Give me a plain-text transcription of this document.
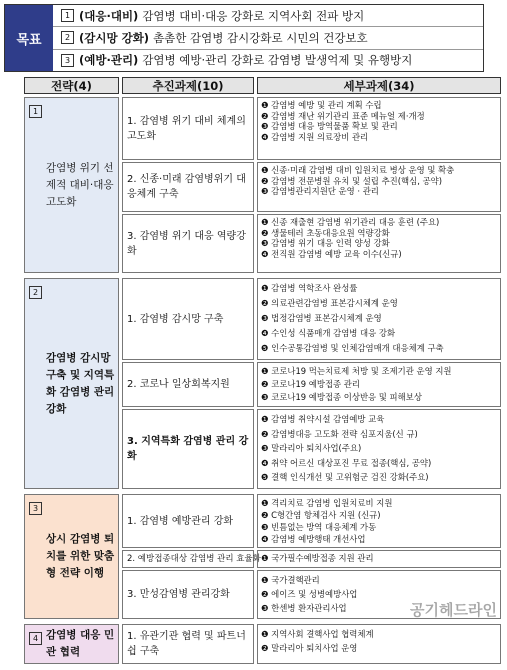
목표
1 (대응·대비) 감염병 대비·대응 강화로 지역사회 전파 방지
2 (감시망 강화) 촘촘한 감염병 감시강화로 시민의 건강보호
3 (예방·관리) 감염병 예방·관리 강화로 감염병 발생억제 및 유행방지
전략(4)	추진과제(10)	세부과제(34)
1
감염병 위기 선제적 대비·대응 고도화
2
감염병 감시망 구축 및 지역특화 감염병 관리 강화
3
상시 감염병 퇴치를 위한 맞춤형 전략 이행
4 감염병 대응 민관 협력
1. 감염병 위기 대비 체계의 고도화
2. 신종·미래 감염병위기 대응체계 구축
3. 감염병 위기 대응 역량강화
1. 감염병 감시망 구축
2. 코로나 일상회복지원
3. 지역특화 감염병 관리 강화
1. 감염병 예방관리 강화
2. 예방접종대상 감염병 관리 효율화
3. 만성감염병 관리강화
1. 유관기관 협력 및 파트너쉽 구축
❶ 감염병 예방 및 관리 계획 수립
❷ 감염병 재난 위기관리 표준 메뉴얼 제·개정
❸ 감염병 대응 방역물품 확보 및 관리
❹ 감염병 지원 의료장비 관리
❶ 신종·미래 감염병 대비 입원치료 병상 운영 및 확충
❷ 감염병 전문병원 유치 및 설립 추진(핵심, 공약)
❸ 감염병관리지원단 운영 · 관리
❶ 신종 재출현 감염병 위기관리 대응 훈련 (주요)
❷ 생물테러 초동대응요원 역량강화
❸ 감염병 위기 대응 인력 양성 강화
❹ 전직원 감염병 예방 교육 이수(신규)
❶ 감염병 역학조사 완성률
❷ 의료관련감염병 표본감시체계 운영
❸ 법정감염병 표본감시체계 운영
❹ 수인성 식품매개 감염병 대응 강화
❺ 인수공통감염병 및 인체감염매개 대응체계 구축
❶ 코로나19 먹는치료제 처방 및 조제기관 운영 지원
❷ 코로나19 예방접종 관리
❸ 코로나19 예방접종 이상반응 및 피해보상
❶ 감염병 취약시설 감염예방 교육
❷ 감염병대응 고도화 전략 심포지움(신 규)
❸ 말라리아 퇴치사업(주요)
❹ 취약 어르신 대상포진 무료 접종(핵심, 공약)
❺ 결핵 인식개선 및 고위험군 검진 강화(주요)
❶ 격리치료 감염병 입원치료비 지원
❷ C형간염 항체검사 지원 (신규)
❸ 빈틈없는 방역 대응체계 가동
❹ 감염병 예방행태 개선사업
❶ 국가필수예방접종 지원 관리
❶ 국가결핵관리
❷ 에이즈 및 성병예방사업
❸ 한센병 환자관리사업
❶ 지역사회 결핵사업 협력체계
❷ 말라리아 퇴치사업 운영
공기헤드라인
